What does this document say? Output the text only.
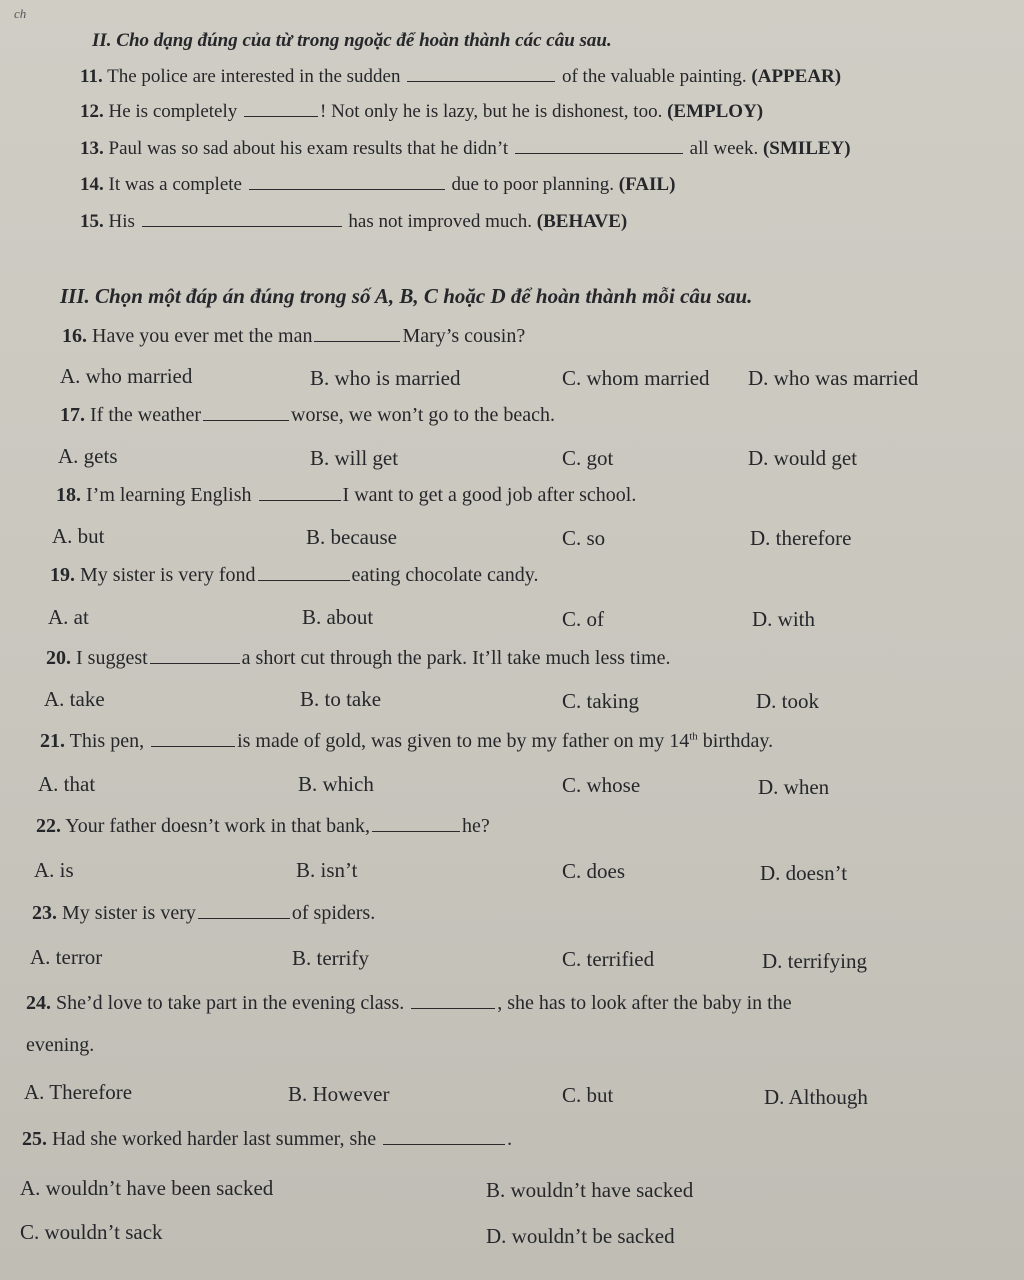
ch
II. Cho dạng đúng của từ trong ngoặc để hoàn thành các câu sau.
11. The police are interested in the sudden	of the valuable painting. (APPEAR)
12. He is completely	! Not only he is lazy, but he is dishonest, too. (EMPLOY)
13. Paul was so sad about his exam results that he didn’t	all week. (SMILEY)
14. It was a complete	due to poor planning. (FAIL)
15. His	has not improved much. (BEHAVE)
III. Chọn một đáp án đúng trong số A, B, C hoặc D để hoàn thành mỗi câu sau.
16. Have you ever met the man	Mary’s cousin?
A. who married	B. who is married	C. whom married D. who was married
17. If the weather	worse, we won’t go to the beach.
A. gets	B. will get	C. got	D. would get
18. I’m learning English	I want to get a good job after school.
A. but	B. because	C. so	D. therefore
19. My sister is very fond	eating chocolate candy.
A. at	B. about	C. of	D. with
20. I suggest	a short cut through the park. It’ll take much less time.
A. take	B. to take	C. taking	D. took
21. This pen,	is made of gold, was given to me by my father on my 14th birthday.
A. that	B. which	C. whose	D. when
22. Your father doesn’t work in that bank,	he?
A. is	B. isn’t	C. does	D. doesn’t
23. My sister is very	of spiders.
A. terror	B. terrify	C. terrified	D. terrifying
24. She’d love to take part in the evening class.	, she has to look after the baby in the
evening.
A. Therefore	B. However	C. but	D. Although
25. Had she worked harder last summer, she	.
A. wouldn’t have been sacked	B. wouldn’t have sacked
C. wouldn’t sack	D. wouldn’t be sacked
